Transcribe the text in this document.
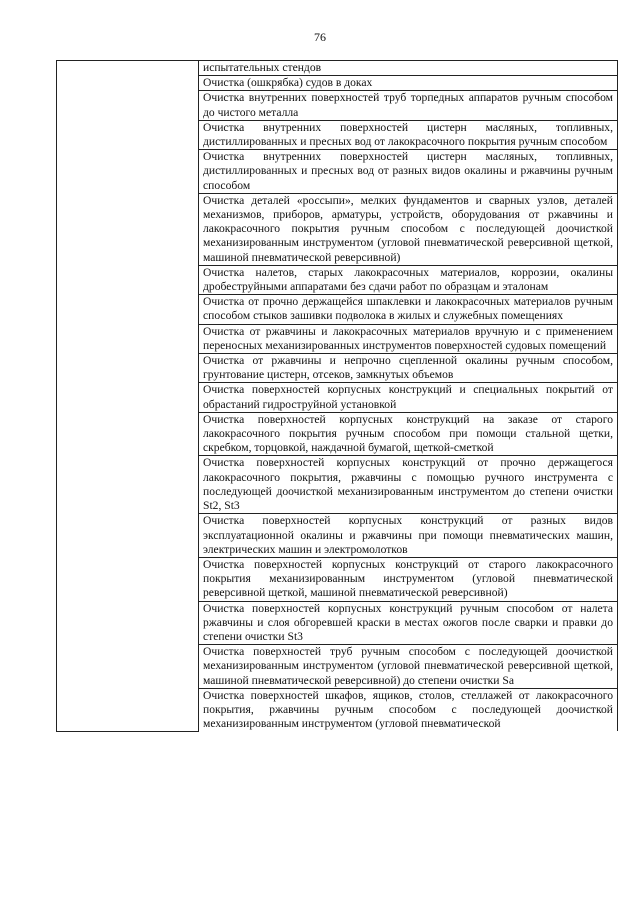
76
	испытательных стендов
Очистка (ошкрябка) судов в доках
Очистка внутренних поверхностей труб торпедных аппаратов ручным способом до чистого металла
Очистка внутренних поверхностей цистерн масляных, топливных, дистиллированных и пресных вод от лакокрасочного покрытия ручным способом
Очистка внутренних поверхностей цистерн масляных, топливных, дистиллированных и пресных вод от разных видов окалины и ржавчины ручным способом
Очистка деталей «россыпи», мелких фундаментов и сварных узлов, деталей механизмов, приборов, арматуры, устройств, оборудования от ржавчины и лакокрасочного покрытия ручным способом с последующей доочисткой механизированным инструментом (угловой пневматической реверсивной щеткой, машиной пневматической реверсивной)
Очистка налетов, старых лакокрасочных материалов, коррозии, окалины дробеструйными аппаратами без сдачи работ по образцам и эталонам
Очистка от прочно держащейся шпаклевки и лакокрасочных материалов ручным способом стыков зашивки подволока в жилых и служебных помещениях
Очистка от ржавчины и лакокрасочных материалов вручную и с применением переносных механизированных инструментов поверхностей судовых помещений
Очистка от ржавчины и непрочно сцепленной окалины ручным способом, грунтование цистерн, отсеков, замкнутых объемов
Очистка поверхностей корпусных конструкций и специальных покрытий от обрастаний гидроструйной установкой
Очистка поверхностей корпусных конструкций на заказе от старого лакокрасочного покрытия ручным способом при помощи стальной щетки, скребком, торцовкой, наждачной бумагой, щеткой-сметкой
Очистка поверхностей корпусных конструкций от прочно держащегося лакокрасочного покрытия, ржавчины с помощью ручного инструмента с последующей доочисткой механизированным инструментом до степени очистки St2, St3
Очистка поверхностей корпусных конструкций от разных видов эксплуатационной окалины и ржавчины при помощи пневматических машин, электрических машин и электромолотков
Очистка поверхностей корпусных конструкций от старого лакокрасочного покрытия механизированным инструментом (угловой пневматической реверсивной щеткой, машиной пневматической реверсивной)
Очистка поверхностей корпусных конструкций ручным способом от налета ржавчины и слоя обгоревшей краски в местах ожогов после сварки и правки до степени очистки St3
Очистка поверхностей труб ручным способом с последующей доочисткой механизированным инструментом (угловой пневматической реверсивной щеткой, машиной пневматической реверсивной) до степени очистки Sa
Очистка поверхностей шкафов, ящиков, столов, стеллажей от лакокрасочного покрытия, ржавчины ручным способом с последующей доочисткой механизированным инструментом (угловой пневматической
